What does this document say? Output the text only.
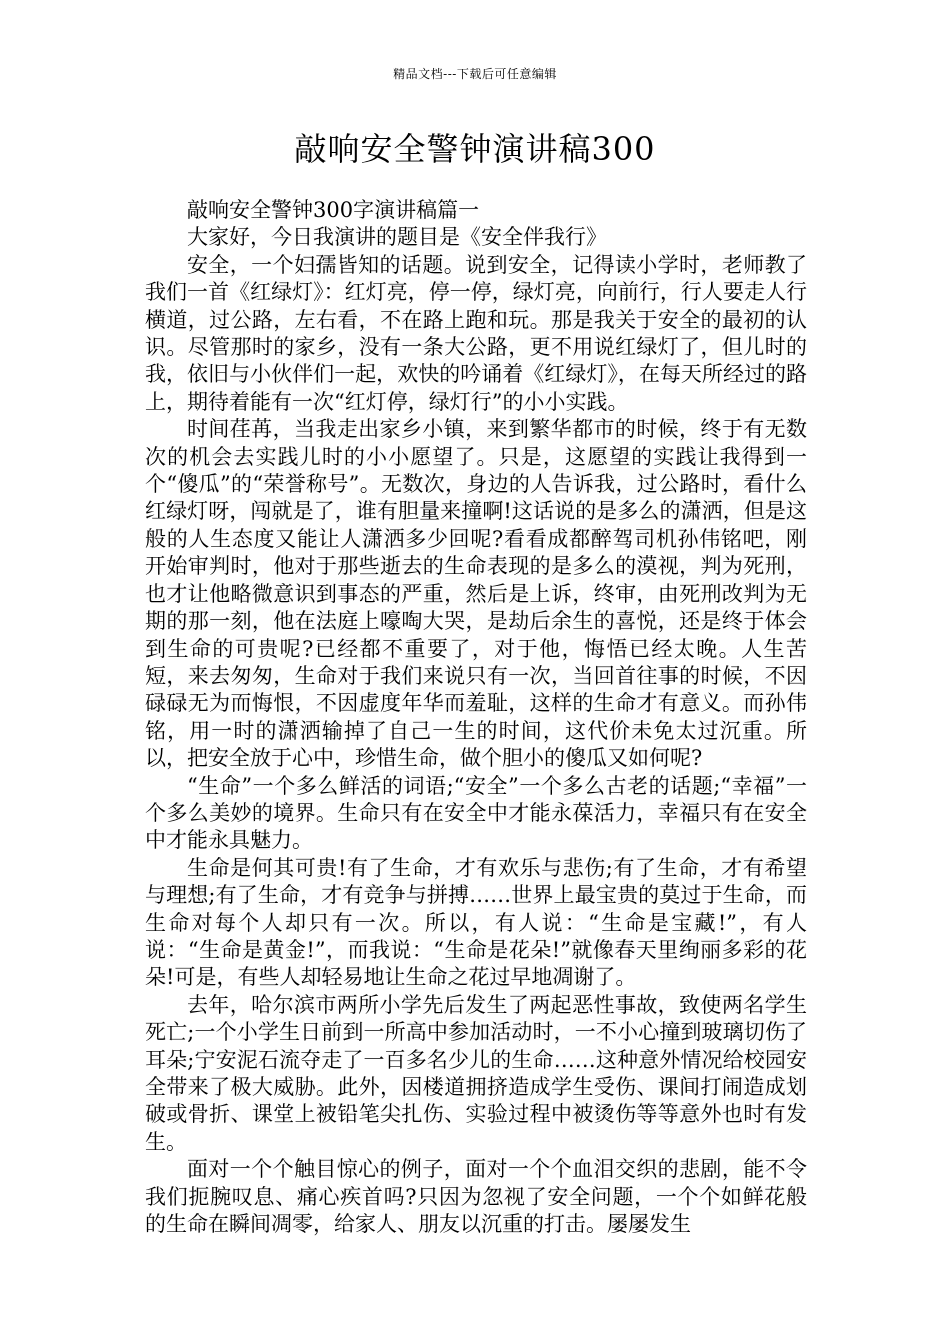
精品文档---下载后可任意编辑
敲响安全警钟演讲稿300

敲响安全警钟300字演讲稿篇一

大家好，今日我演讲的题目是《安全伴我行》

安全，一个妇孺皆知的话题。说到安全，记得读小学时，老师教了我们一首《红绿灯》：红灯亮，停一停，绿灯亮，向前行，行人要走人行横道，过公路，左右看，不在路上跑和玩。那是我关于安全的最初的认识。尽管那时的家乡，没有一条大公路，更不用说红绿灯了，但儿时的我，依旧与小伙伴们一起，欢快的吟诵着《红绿灯》，在每天所经过的路上，期待着能有一次“红灯停，绿灯行”的小小实践。

时间荏苒，当我走出家乡小镇，来到繁华都市的时候，终于有无数次的机会去实践儿时的小小愿望了。只是，这愿望的实践让我得到一个“傻瓜”的“荣誉称号”。无数次，身边的人告诉我，过公路时，看什么红绿灯呀，闯就是了，谁有胆量来撞啊!这话说的是多么的潇洒，但是这般的人生态度又能让人潇洒多少回呢?看看成都醉驾司机孙伟铭吧，刚开始审判时，他对于那些逝去的生命表现的是多么的漠视，判为死刑，也才让他略微意识到事态的严重，然后是上诉，终审，由死刑改判为无期的那一刻，他在法庭上嚎啕大哭，是劫后余生的喜悦，还是终于体会到生命的可贵呢?已经都不重要了，对于他，悔悟已经太晚。人生苦短，来去匆匆，生命对于我们来说只有一次，当回首往事的时候，不因碌碌无为而悔恨，不因虚度年华而羞耻，这样的生命才有意义。而孙伟铭，用一时的潇洒输掉了自己一生的时间，这代价未免太过沉重。所以，把安全放于心中，珍惜生命，做个胆小的傻瓜又如何呢?

“生命”一个多么鲜活的词语;“安全”一个多么古老的话题;“幸福”一个多么美妙的境界。生命只有在安全中才能永葆活力，幸福只有在安全中才能永具魅力。

生命是何其可贵!有了生命，才有欢乐与悲伤;有了生命，才有希望与理想;有了生命，才有竞争与拼搏……世界上最宝贵的莫过于生命，而生命对每个人却只有一次。所以，有人说：“生命是宝藏!”，有人说：“生命是黄金!”，而我说：“生命是花朵!”就像春天里绚丽多彩的花朵!可是，有些人却轻易地让生命之花过早地凋谢了。

去年，哈尔滨市两所小学先后发生了两起恶性事故，致使两名学生死亡;一个小学生日前到一所高中参加活动时，一不小心撞到玻璃切伤了耳朵;宁安泥石流夺走了一百多名少儿的生命……这种意外情况给校园安全带来了极大威胁。此外，因楼道拥挤造成学生受伤、课间打闹造成划破或骨折、课堂上被铅笔尖扎伤、实验过程中被烫伤等等意外也时有发生。

面对一个个触目惊心的例子，面对一个个血泪交织的悲剧，能不令我们扼腕叹息、痛心疾首吗?只因为忽视了安全问题，一个个如鲜花般的生命在瞬间凋零，给家人、朋友以沉重的打击。屡屡发生
